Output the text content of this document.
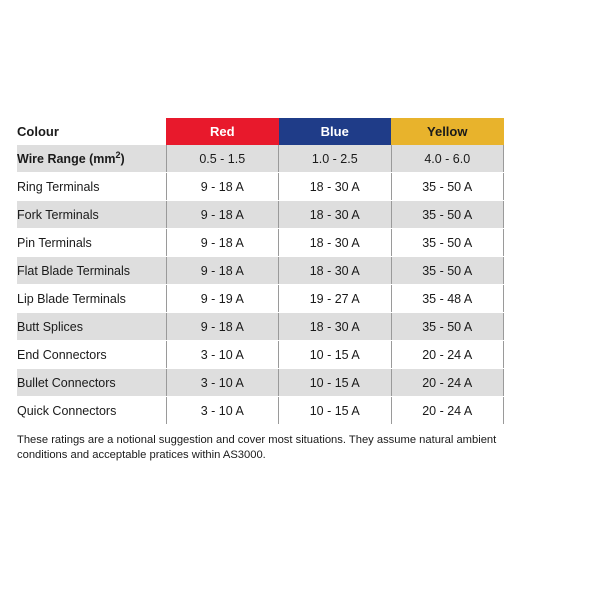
Colour	Red	Blue	Yellow
Wire Range $(mm^2)$	0.5 - 1.5	1.0 - 2.5	4.0 - 6.0
Ring Terminals	9 - 18 A	18 - 30 A	35 - 50 A
Fork Terminals	9 - 18 A	18 - 30 A	35 - 50 A
Pin Terminals	9 - 18 A	18 - 30 A	35 - 50 A
Flat Blade Terminals	9 - 18 A	18 - 30 A	35 - 50 A
Lip Blade Terminals	9 - 19 A	19 - 27 A	35 - 48 A
Butt Splices	9 - 18 A	18 - 30 A	35 - 50 A
End Connectors	3 - 10 A	10 - 15 A	20 - 24 A
Bullet Connectors	3 - 10 A	10 - 15 A	20 - 24 A
Quick Connectors	3 - 10 A	10 - 15 A	20 - 24 A
These ratings are a notional suggestion and cover most situations. They assume natural ambient conditions and acceptable pratices within AS3000.
